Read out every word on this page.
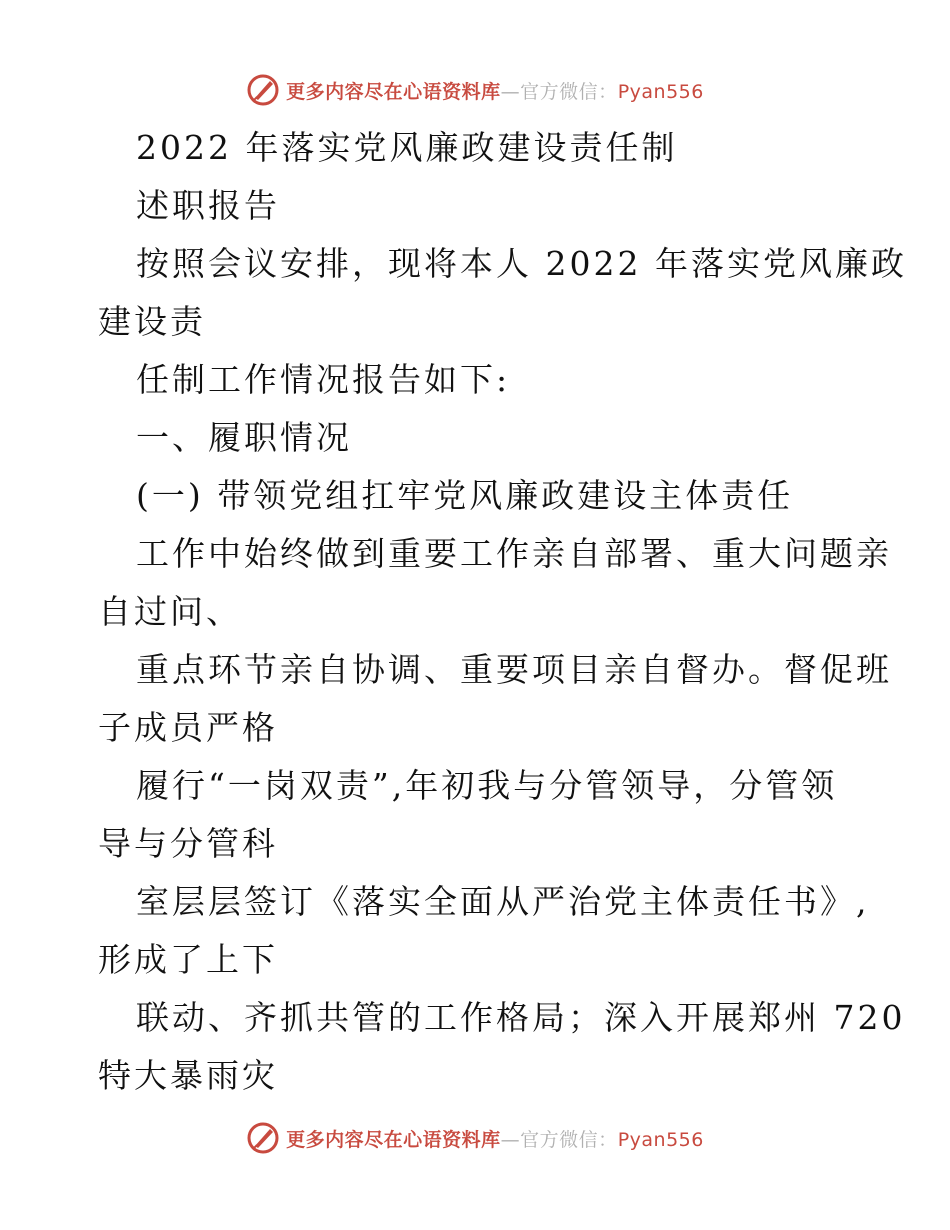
更多内容尽在心语资料库—官方微信：Pyan556
2022 年落实党风廉政建设责任制
述职报告
按照会议安排，现将本人 2022 年落实党风廉政
建设责
任制工作情况报告如下:
一、履职情况
(一) 带领党组扛牢党风廉政建设主体责任
工作中始终做到重要工作亲自部署、重大问题亲
自过问、
重点环节亲自协调、重要项目亲自督办。督促班
子成员严格
履行“一岗双责”,年初我与分管领导，分管领
导与分管科
室层层签订《落实全面从严治党主体责任书》,
形成了上下
联动、齐抓共管的工作格局；深入开展郑州 720
特大暴雨灾
更多内容尽在心语资料库—官方微信：Pyan556
